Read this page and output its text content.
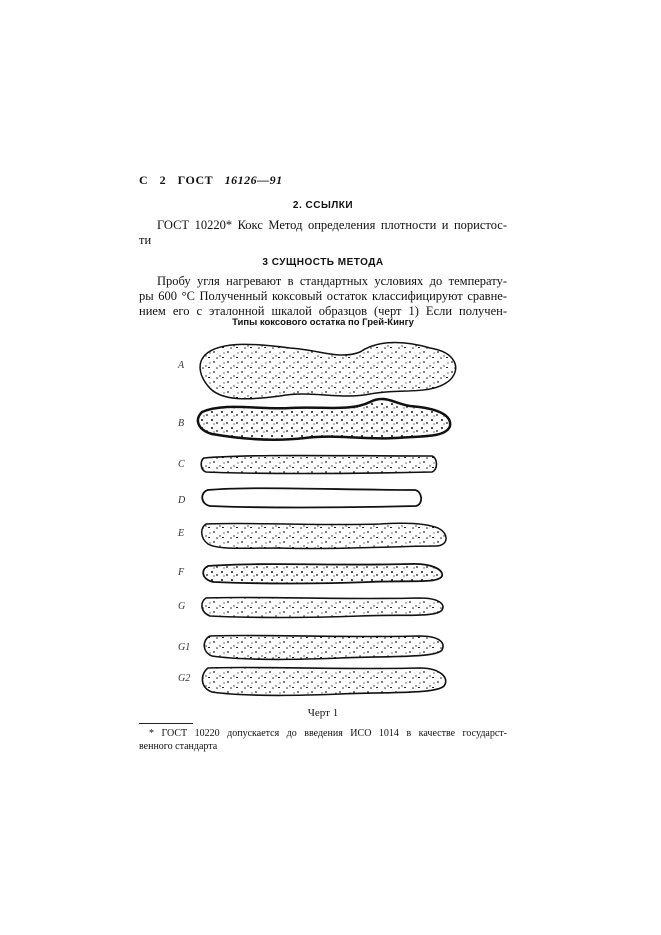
С 2 ГОСТ 16126—91
2. ССЫЛКИ
ГОСТ 10220* Кокс Метод определения плотности и пористос-
ти
3 СУЩНОСТЬ МЕТОДА
Пробу угля нагревают в стандартных условиях до температу-
ры 600 °С Полученный коксовый остаток классифицируют сравне-
нием его с эталонной шкалой образцов (черт 1) Если получен-
Типы коксового остатка по Грей-Кингу
A
B
C
D
E
F
G
G1
G2
Черт 1
* ГОСТ 10220 допускается до введения ИСО 1014 в качестве государст-
венного стандарта
